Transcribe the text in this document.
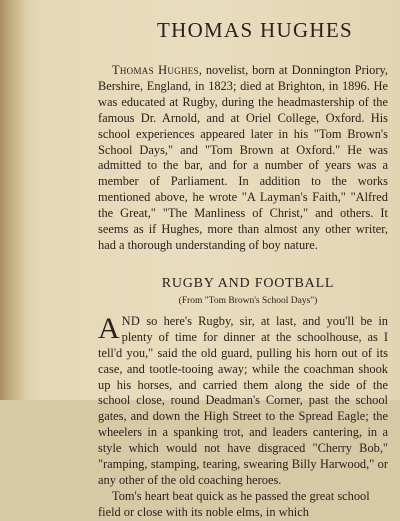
THOMAS HUGHES

Thomas Hughes, novelist, born at Donnington Priory, Bershire, England, in 1823; died at Brighton, in 1896. He was educated at Rugby, during the headmastership of the famous Dr. Arnold, and at Oriel College, Oxford. His school experiences appeared later in his "Tom Brown's School Days," and "Tom Brown at Oxford." He was admitted to the bar, and for a number of years was a member of Parliament. In addition to the works mentioned above, he wrote "A Layman's Faith," "Alfred the Great," "The Manliness of Christ," and others. It seems as if Hughes, more than almost any other writer, had a thorough understanding of boy nature.

RUGBY AND FOOTBALL
(From "Tom Brown's School Days")

AND so here's Rugby, sir, at last, and you'll be in plenty of time for dinner at the schoolhouse, as I tell'd you," said the old guard, pulling his horn out of its case, and tootle-tooing away; while the coachman shook up his horses, and carried them along the side of the school close, round Deadman's Corner, past the school gates, and down the High Street to the Spread Eagle; the wheelers in a spanking trot, and leaders cantering, in a style which would not have disgraced "Cherry Bob," "ramping, stamping, tearing, swearing Billy Harwood," or any other of the old coaching heroes.

Tom's heart beat quick as he passed the great school field or close with its noble elms, in which
